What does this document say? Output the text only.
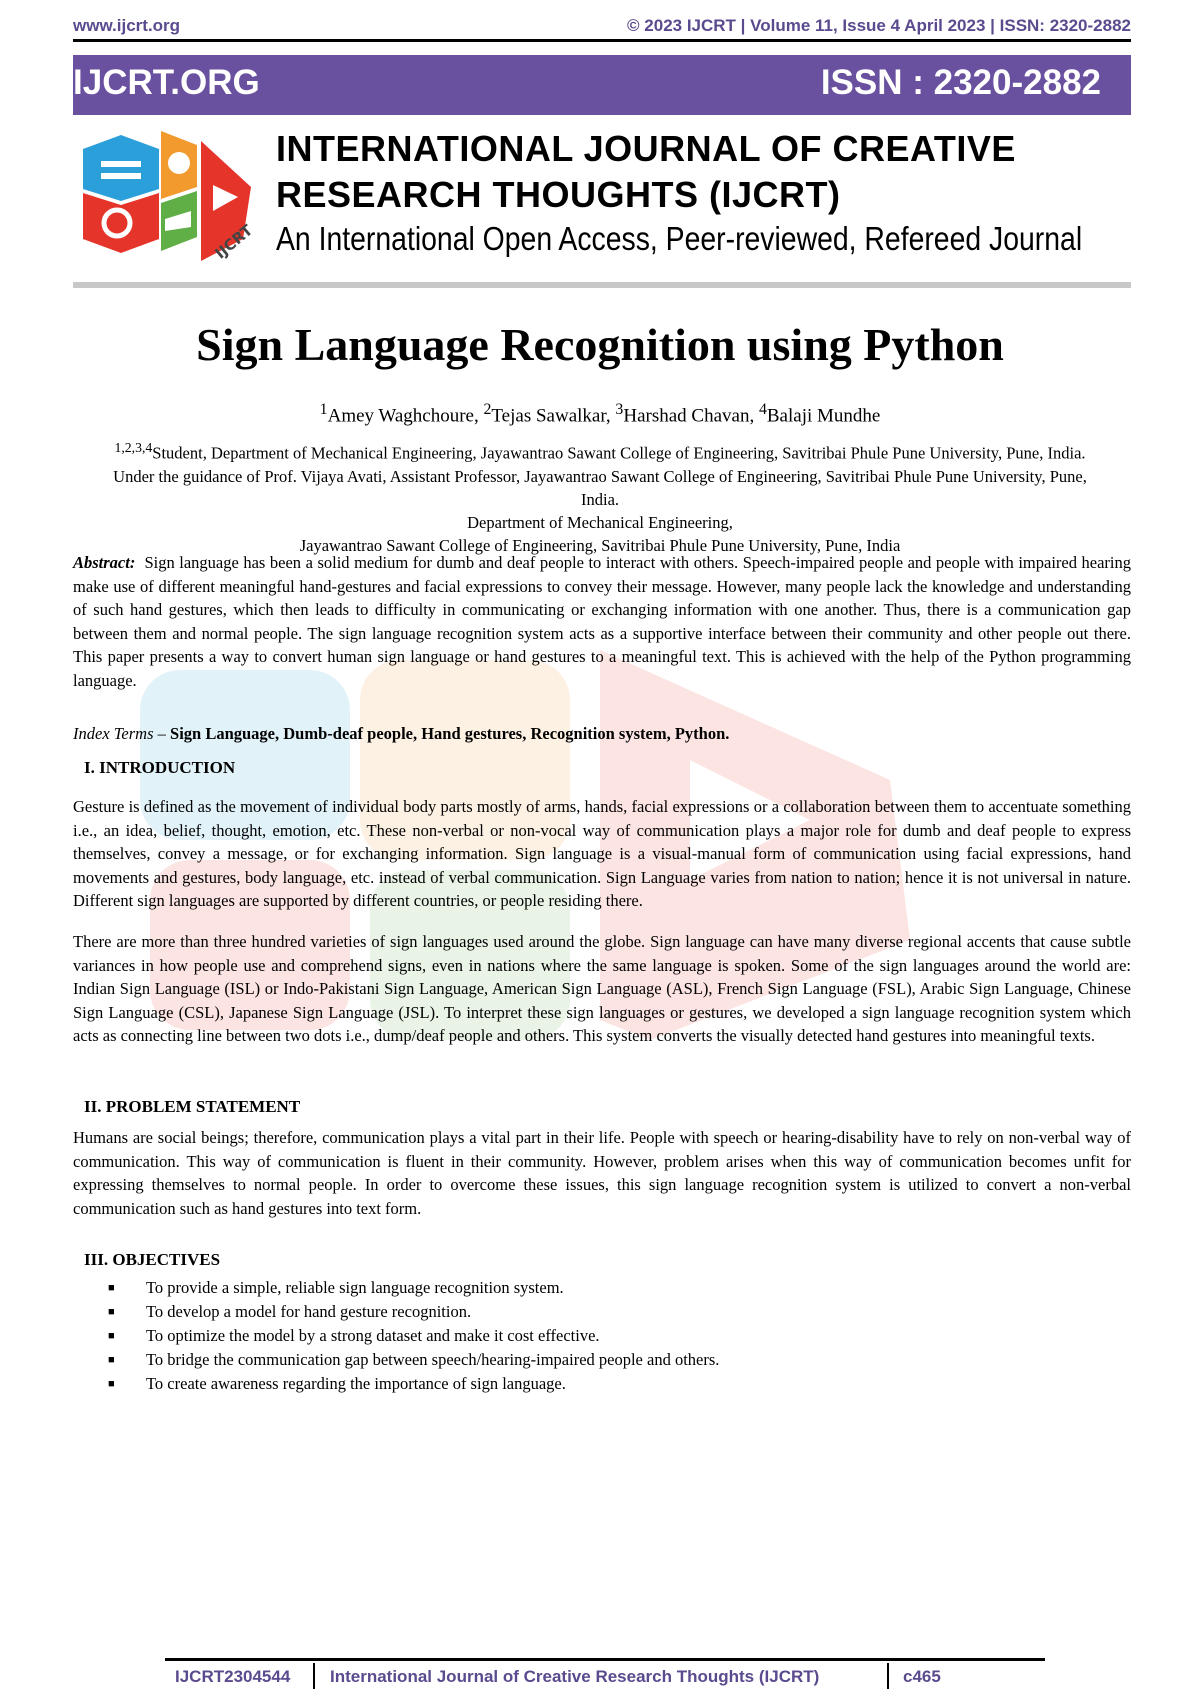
www.ijcrt.org	© 2023 IJCRT | Volume 11, Issue 4 April 2023 | ISSN: 2320-2882
IJCRT.ORG	ISSN : 2320-2882
IJCRT
INTERNATIONAL JOURNAL OF CREATIVE
RESEARCH THOUGHTS (IJCRT)
An International Open Access, Peer-reviewed, Refereed Journal
Sign Language Recognition using Python
$^1$Amey Waghchoure, $^2$Tejas Sawalkar, $^3$Harshad Chavan, $^4$Balaji Mundhe
$^{1,2,3,4}$Student, Department of Mechanical Engineering, Jayawantrao Sawant College of Engineering, Savitribai Phule Pune University, Pune, India.
Under the guidance of Prof. Vijaya Avati, Assistant Professor, Jayawantrao Sawant College of Engineering, Savitribai Phule Pune University, Pune, India.
Department of Mechanical Engineering,
Jayawantrao Sawant College of Engineering, Savitribai Phule Pune University, Pune, India
Abstract: Sign language has been a solid medium for dumb and deaf people to interact with others. Speech-impaired people and people with impaired hearing make use of different meaningful hand-gestures and facial expressions to convey their message. However, many people lack the knowledge and understanding of such hand gestures, which then leads to difficulty in communicating or exchanging information with one another. Thus, there is a communication gap between them and normal people. The sign language recognition system acts as a supportive interface between their community and other people out there. This paper presents a way to convert human sign language or hand gestures to a meaningful text. This is achieved with the help of the Python programming language.
Index Terms – Sign Language, Dumb-deaf people, Hand gestures, Recognition system, Python.
I. INTRODUCTION
Gesture is defined as the movement of individual body parts mostly of arms, hands, facial expressions or a collaboration between them to accentuate something i.e., an idea, belief, thought, emotion, etc. These non-verbal or non-vocal way of communication plays a major role for dumb and deaf people to express themselves, convey a message, or for exchanging information. Sign language is a visual-manual form of communication using facial expressions, hand movements and gestures, body language, etc. instead of verbal communication. Sign Language varies from nation to nation; hence it is not universal in nature. Different sign languages are supported by different countries, or people residing there.
There are more than three hundred varieties of sign languages used around the globe. Sign language can have many diverse regional accents that cause subtle variances in how people use and comprehend signs, even in nations where the same language is spoken. Some of the sign languages around the world are: Indian Sign Language (ISL) or Indo-Pakistani Sign Language, American Sign Language (ASL), French Sign Language (FSL), Arabic Sign Language, Chinese Sign Language (CSL), Japanese Sign Language (JSL). To interpret these sign languages or gestures, we developed a sign language recognition system which acts as connecting line between two dots i.e., dump/deaf people and others. This system converts the visually detected hand gestures into meaningful texts.
II. PROBLEM STATEMENT
Humans are social beings; therefore, communication plays a vital part in their life. People with speech or hearing-disability have to rely on non-verbal way of communication. This way of communication is fluent in their community. However, problem arises when this way of communication becomes unfit for expressing themselves to normal people. In order to overcome these issues, this sign language recognition system is utilized to convert a non-verbal communication such as hand gestures into text form.
III. OBJECTIVES
■ To provide a simple, reliable sign language recognition system.
■ To develop a model for hand gesture recognition.
■ To optimize the model by a strong dataset and make it cost effective.
■ To bridge the communication gap between speech/hearing-impaired people and others.
■ To create awareness regarding the importance of sign language.
IJCRT2304544 International Journal of Creative Research Thoughts (IJCRT)	c465
